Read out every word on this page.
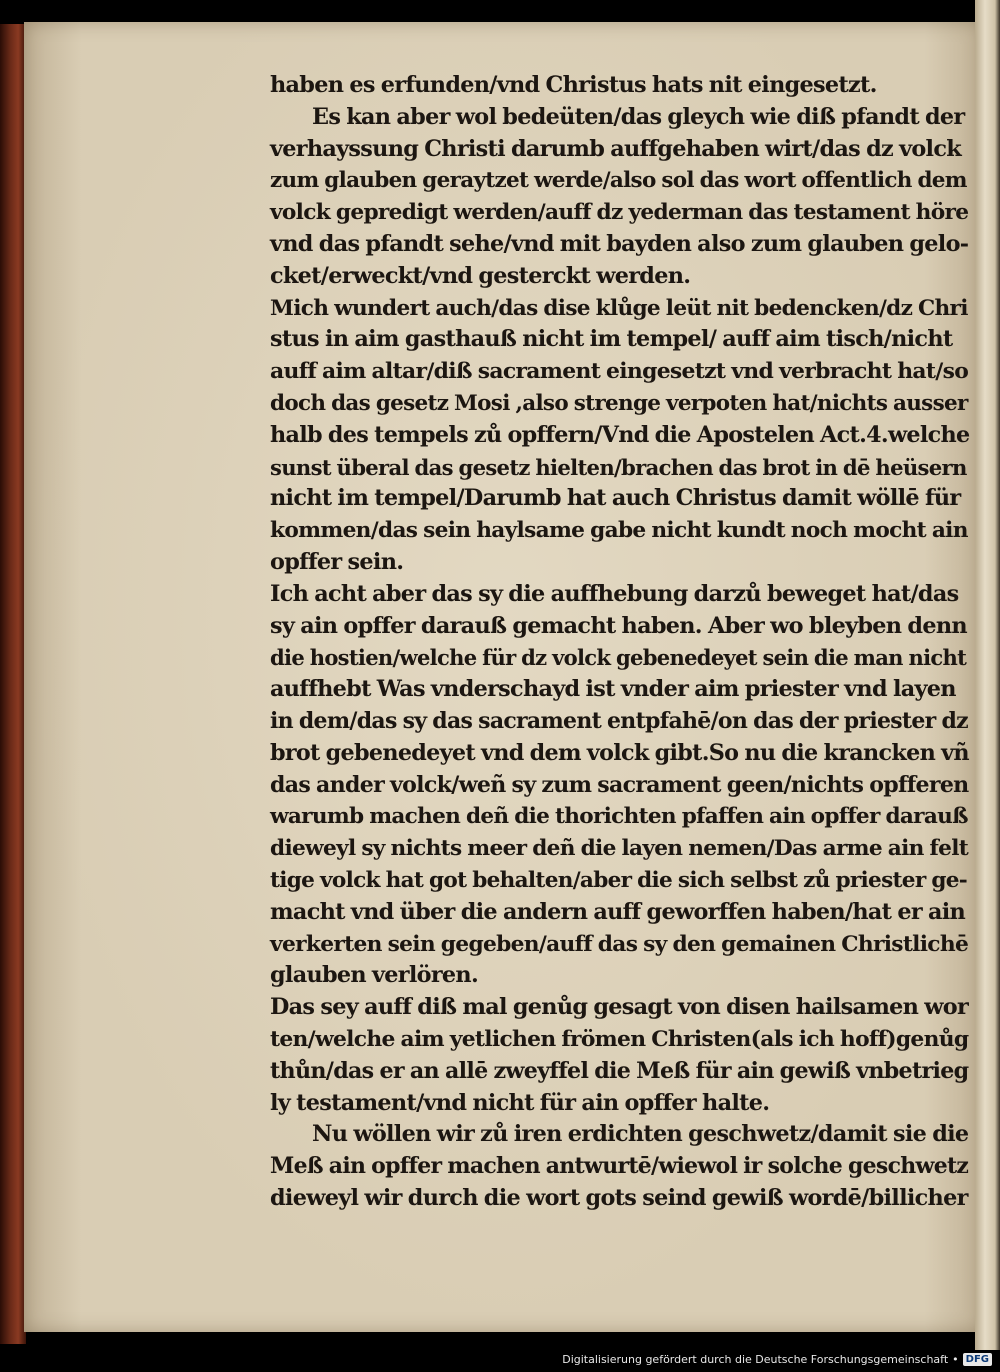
haben es erfunden/vnd Christus hats nit eingesetzt.
Es kan aber wol bedeüten/das gleych wie diß pfandt der
verhayssung Christi darumb auffgehaben wirt/das dz volck
zum glauben geraytzet werde/also sol das wort offentlich dem
volck gepredigt werden/auff dz yederman das testament höre
vnd das pfandt sehe/vnd mit bayden also zum glauben gelo‑
cket/erweckt/vnd gesterckt werden.
Mich wundert auch/das dise klůge leüt nit bedencken/dz Chri
stus in aim gasthauß nicht im tempel/ auff aim tisch/nicht
auff aim altar/diß sacrament eingesetzt vnd verbracht hat/so
doch das gesetz Mosi ,also strenge verpoten hat/nichts ausser
halb des tempels zů opffern/Vnd die Apostelen Act.4.welche
sunst überal das gesetz hielten/brachen das brot in dē heüsern
nicht im tempel/Darumb hat auch Christus damit wöllē für
kommen/das sein haylsame gabe nicht kundt noch mocht ain
opffer sein.
Ich acht aber das sy die auffhebung darzů beweget hat/das
sy ain opffer darauß gemacht haben. Aber wo bleyben denn
die hostien/welche für dz volck gebenedeyet sein die man nicht
auffhebt Was vnderschayd ist vnder aim priester vnd layen
in dem/das sy das sacrament entpfahē/on das der priester dz
brot gebenedeyet vnd dem volck gibt.So nu die krancken vñ
das ander volck/weñ sy zum sacrament geen/nichts opfferen
warumb machen deñ die thorichten pfaffen ain opffer darauß
dieweyl sy nichts meer deñ die layen nemen/Das arme ain felt
tige volck hat got behalten/aber die sich selbst zů priester ge‑
macht vnd über die andern auff geworffen haben/hat er ain
verkerten sein gegeben/auff das sy den gemainen Christlichē
glauben verlören.
Das sey auff diß mal genůg gesagt von disen hailsamen wor
ten/welche aim yetlichen frömen Christen(als ich hoff)genůg
thůn/das er an allē zweyffel die Meß für ain gewiß vnbetrieg
ly testament/vnd nicht für ain opffer halte.
Nu wöllen wir zů iren erdichten geschwetz/damit sie die
Meß ain opffer machen antwurtē/wiewol ir solche geschwetz
dieweyl wir durch die wort gots seind gewiß wordē/billicher
Digitalisierung gefördert durch die Deutsche Forschungsgemeinschaft • DFG
